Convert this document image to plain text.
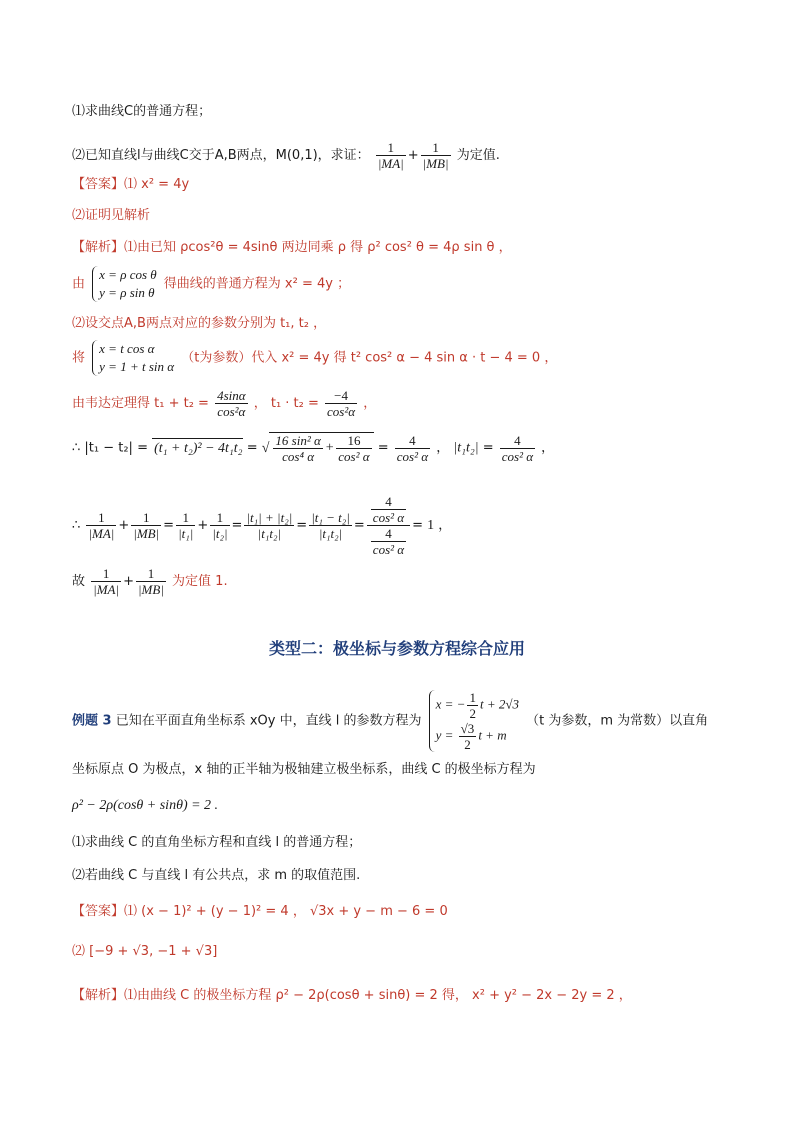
⑴求曲线C的普通方程；
⑵已知直线l与曲线C交于A,B两点，M(0,1)，求证： $\frac{1}{|MA|} + \frac{1}{|MB|}$ 为定值.
【答案】⑴ x² = 4y
⑵证明见解析
【解析】⑴由已知 ρcos²θ = 4sinθ 两边同乘 ρ 得 ρ² cos² θ = 4ρ sin θ ，
由
x = ρ cos θ
y = ρ sin θ
得曲线的普通方程为 x² = 4y ；
⑵设交点A,B两点对应的参数分别为 t₁, t₂ ，
将
x = t cos α
y = 1 + t sin α
（t为参数）代入 x² = 4y 得 t² cos² α − 4 sin α · t − 4 = 0 ，
由韦达定理得 $t_1 + t_2 = \frac{4\sin\alpha}{\text{cos²α}}$ ， $t_1 \cdot t_2 = \frac{-4}{\text{cos²α}}$ ，
∴ |t₁ − t₂| = (t₁ + t₂)² − 4t₁t₂ = √ $\frac{\text{16 sin² α}}{\text{cos⁴ α}} + \frac{16}{\text{cos² α}} = \frac{4}{\text{cos² α}}$ ， $|t_1t_2| = \frac{4}{\text{cos² α}}$ ，
∴ $\frac{1}{|MA|} + \frac{1}{|MB|} = \frac{1}{\text{|t₁|}} + \frac{1}{\text{|t₂|}} = \frac{\text{|t₁| + |t₂|}}{\text{|t₁t₂|}} = \frac{\text{|t₁ − t₂|}}{\text{|t₁t₂|}} = \frac{\frac{4}{\text{cos² α}}}{\frac{4}{\text{cos² α}}} = 1$ ，
故 $\frac{1}{|MA|} + \frac{1}{|MB|}$ 为定值 1.
类型二：极坐标与参数方程综合应用
例题 3 已知在平面直角坐标系 xOy 中，直线 l 的参数方程为
x = − $\frac{1}{2}$ t + 2√3
$y = \frac{√3}{2}$ t + m
（t 为参数，m 为常数）以直角
坐标原点 O 为极点，x 轴的正半轴为极轴建立极坐标系，曲线 C 的极坐标方程为
ρ² − 2ρ(cosθ + sinθ) = 2 .
⑴求曲线 C 的直角坐标方程和直线 l 的普通方程；
⑵若曲线 C 与直线 l 有公共点，求 m 的取值范围.
【答案】⑴ (x − 1)² + (y − 1)² = 4 ， √3x + y − m − 6 = 0
⑵ [−9 + √3, −1 + √3]
【解析】⑴由曲线 C 的极坐标方程 ρ² − 2ρ(cosθ + sinθ) = 2 得， x² + y² − 2x − 2y = 2 ，
